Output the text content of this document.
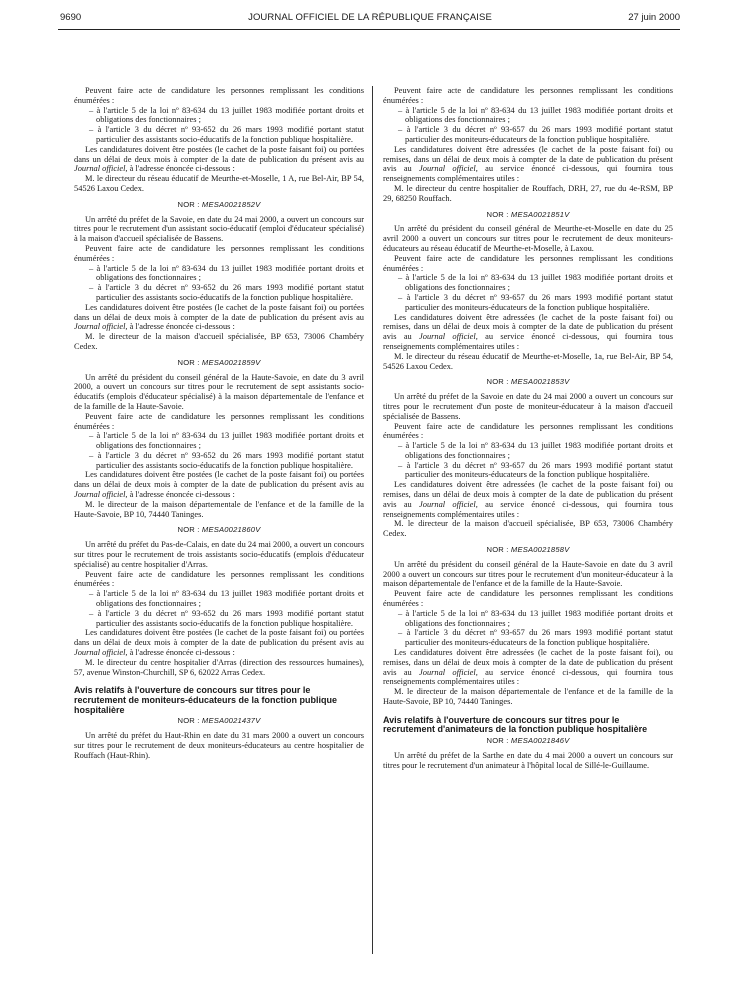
9690	JOURNAL OFFICIEL DE LA RÉPUBLIQUE FRANÇAISE	27 juin 2000

Peuvent faire acte de candidature les personnes remplissant les conditions énumérées :

– à l'article 5 de la loi nº 83-634 du 13 juillet 1983 modifiée portant droits et obligations des fonctionnaires ;
– à l'article 3 du décret nº 93-652 du 26 mars 1993 modifié portant statut particulier des assistants socio-éducatifs de la fonction publique hospitalière.

Les candidatures doivent être postées (le cachet de la poste faisant foi) ou portées dans un délai de deux mois à compter de la date de publication du présent avis au Journal officiel, à l'adresse énoncée ci-dessous :

M. le directeur du réseau éducatif de Meurthe-et-Moselle, 1 A, rue Bel-Air, BP 54, 54526 Laxou Cedex.

NOR : MESA0021852V

Un arrêté du préfet de la Savoie, en date du 24 mai 2000, a ouvert un concours sur titres pour le recrutement d'un assistant socio-éducatif (emploi d'éducateur spécialisé) à la maison d'accueil spécialisée de Bassens.

Peuvent faire acte de candidature les personnes remplissant les conditions énumérées :

– à l'article 5 de la loi nº 83-634 du 13 juillet 1983 modifiée portant droits et obligations des fonctionnaires ;
– à l'article 3 du décret nº 93-652 du 26 mars 1993 modifié portant statut particulier des assistants socio-éducatifs de la fonction publique hospitalière.

Les candidatures doivent être postées (le cachet de la poste faisant foi) ou portées dans un délai de deux mois à compter de la date de publication du présent avis au Journal officiel, à l'adresse énoncée ci-dessous :

M. le directeur de la maison d'accueil spécialisée, BP 653, 73006 Chambéry Cedex.

NOR : MESA0021859V

Un arrêté du président du conseil général de la Haute-Savoie, en date du 3 avril 2000, a ouvert un concours sur titres pour le recrutement de sept assistants socio-éducatifs (emplois d'éducateur spécialisé) à la maison départementale de l'enfance et de la famille de la Haute-Savoie.

Peuvent faire acte de candidature les personnes remplissant les conditions énumérées :

– à l'article 5 de la loi nº 83-634 du 13 juillet 1983 modifiée portant droits et obligations des fonctionnaires ;
– à l'article 3 du décret nº 93-652 du 26 mars 1993 modifié portant statut particulier des assistants socio-éducatifs de la fonction publique hospitalière.

Les candidatures doivent être postées (le cachet de la poste faisant foi) ou portées dans un délai de deux mois à compter de la date de publication du présent avis au Journal officiel, à l'adresse énoncée ci-dessous :

M. le directeur de la maison départementale de l'enfance et de la famille de la Haute-Savoie, BP 10, 74440 Taninges.

NOR : MESA0021860V

Un arrêté du préfet du Pas-de-Calais, en date du 24 mai 2000, a ouvert un concours sur titres pour le recrutement de trois assistants socio-éducatifs (emplois d'éducateur spécialisé) au centre hospitalier d'Arras.

Peuvent faire acte de candidature les personnes remplissant les conditions énumérées :

– à l'article 5 de la loi nº 83-634 du 13 juillet 1983 modifiée portant droits et obligations des fonctionnaires ;
– à l'article 3 du décret nº 93-652 du 26 mars 1993 modifié portant statut particulier des assistants socio-éducatifs de la fonction publique hospitalière.

Les candidatures doivent être postées (le cachet de la poste faisant foi) ou portées dans un délai de deux mois à compter de la date de publication du présent avis au Journal officiel, à l'adresse énoncée ci-dessous :

M. le directeur du centre hospitalier d'Arras (direction des ressources humaines), 57, avenue Winston-Churchill, SP 6, 62022 Arras Cedex.

Avis relatifs à l'ouverture de concours sur titres pour le recrutement de moniteurs-éducateurs de la fonction publique hospitalière
NOR : MESA0021437V

Un arrêté du préfet du Haut-Rhin en date du 31 mars 2000 a ouvert un concours sur titres pour le recrutement de deux moniteurs-éducateurs au centre hospitalier de Rouffach (Haut-Rhin).

Peuvent faire acte de candidature les personnes remplissant les conditions énumérées :

– à l'article 5 de la loi nº 83-634 du 13 juillet 1983 modifiée portant droits et obligations des fonctionnaires ;
– à l'article 3 du décret nº 93-657 du 26 mars 1993 modifié portant statut particulier des moniteurs-éducateurs de la fonction publique hospitalière.

Les candidatures doivent être adressées (le cachet de la poste faisant foi) ou remises, dans un délai de deux mois à compter de la date de publication du présent avis au Journal officiel, au service énoncé ci-dessous, qui fournira tous renseignements complémentaires utiles :

M. le directeur du centre hospitalier de Rouffach, DRH, 27, rue du 4e-RSM, BP 29, 68250 Rouffach.

NOR : MESA0021851V

Un arrêté du président du conseil général de Meurthe-et-Moselle en date du 25 avril 2000 a ouvert un concours sur titres pour le recrutement de deux moniteurs-éducateurs au réseau éducatif de Meurthe-et-Moselle, à Laxou.

Peuvent faire acte de candidature les personnes remplissant les conditions énumérées :

– à l'article 5 de la loi nº 83-634 du 13 juillet 1983 modifiée portant droits et obligations des fonctionnaires ;
– à l'article 3 du décret nº 93-657 du 26 mars 1993 modifié portant statut particulier des moniteurs-éducateurs de la fonction publique hospitalière.

Les candidatures doivent être adressées (le cachet de la poste faisant foi) ou remises, dans un délai de deux mois à compter de la date de publication du présent avis au Journal officiel, au service énoncé ci-dessous, qui fournira tous renseignements complémentaires utiles :

M. le directeur du réseau éducatif de Meurthe-et-Moselle, 1a, rue Bel-Air, BP 54, 54526 Laxou Cedex.

NOR : MESA0021853V

Un arrêté du préfet de la Savoie en date du 24 mai 2000 a ouvert un concours sur titres pour le recrutement d'un poste de moniteur-éducateur à la maison d'accueil spécialisée de Bassens.

Peuvent faire acte de candidature les personnes remplissant les conditions énumérées :

– à l'article 5 de la loi nº 83-634 du 13 juillet 1983 modifiée portant droits et obligations des fonctionnaires ;
– à l'article 3 du décret nº 93-657 du 26 mars 1993 modifié portant statut particulier des moniteurs-éducateurs de la fonction publique hospitalière.

Les candidatures doivent être adressées (le cachet de la poste faisant foi) ou remises, dans un délai de deux mois à compter de la date de publication du présent avis au Journal officiel, au service énoncé ci-dessous, qui fournira tous renseignements complémentaires utiles :

M. le directeur de la maison d'accueil spécialisée, BP 653, 73006 Chambéry Cedex.

NOR : MESA0021858V

Un arrêté du président du conseil général de la Haute-Savoie en date du 3 avril 2000 a ouvert un concours sur titres pour le recrutement d'un moniteur-éducateur à la maison départementale de l'enfance et de la famille de la Haute-Savoie.

Peuvent faire acte de candidature les personnes remplissant les conditions énumérées :

– à l'article 5 de la loi nº 83-634 du 13 juillet 1983 modifiée portant droits et obligations des fonctionnaires ;
– à l'article 3 du décret nº 93-657 du 26 mars 1993 modifié portant statut particulier des moniteurs-éducateurs de la fonction publique hospitalière.

Les candidatures doivent être adressées (le cachet de la poste faisant foi), ou remises, dans un délai de deux mois à compter de la date de publication du présent avis au Journal officiel, au service énoncé ci-dessous, qui fournira tous renseignements complémentaires utiles :

M. le directeur de la maison départementale de l'enfance et de la famille de la Haute-Savoie, BP 10, 74440 Taninges.

Avis relatifs à l'ouverture de concours sur titres pour le recrutement d'animateurs de la fonction publique hospitalière
NOR : MESA0021846V

Un arrêté du préfet de la Sarthe en date du 4 mai 2000 a ouvert un concours sur titres pour le recrutement d'un animateur à l'hôpital local de Sillé-le-Guillaume.
